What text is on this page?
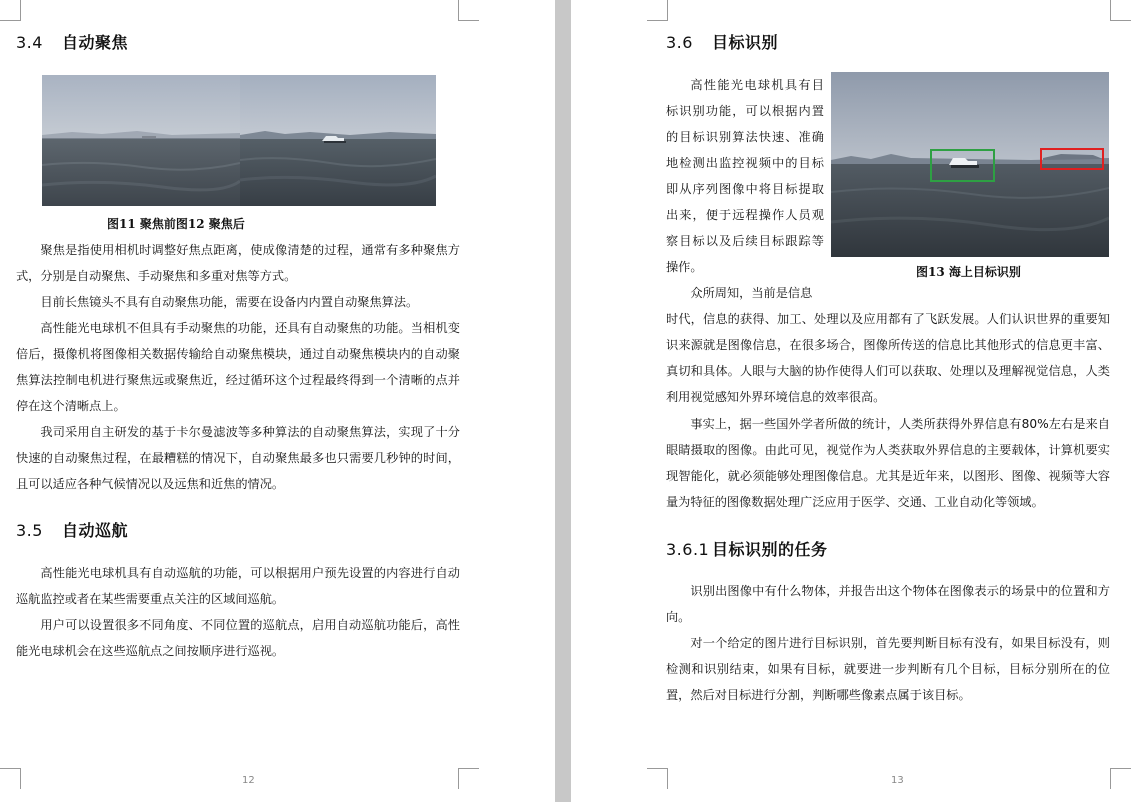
3.4 自动聚焦
图11 聚焦前图12 聚焦后

聚焦是指使用相机时调整好焦点距离，使成像清楚的过程，通常有多种聚焦方式，分别是自动聚焦、手动聚焦和多重对焦等方式。

目前长焦镜头不具有自动聚焦功能，需要在设备内内置自动聚焦算法。

高性能光电球机不但具有手动聚焦的功能，还具有自动聚焦的功能。当相机变倍后，摄像机将图像相关数据传输给自动聚焦模块，通过自动聚焦模块内的自动聚焦算法控制电机进行聚焦远或聚焦近，经过循环这个过程最终得到一个清晰的点并停在这个清晰点上。

我司采用自主研发的基于卡尔曼滤波等多种算法的自动聚焦算法，实现了十分快速的自动聚焦过程，在最糟糕的情况下，自动聚焦最多也只需要几秒钟的时间，且可以适应各种气候情况以及远焦和近焦的情况。

3.5 自动巡航

高性能光电球机具有自动巡航的功能，可以根据用户预先设置的内容进行自动巡航监控或者在某些需要重点关注的区域间巡航。

用户可以设置很多不同角度、不同位置的巡航点，启用自动巡航功能后，高性能光电球机会在这些巡航点之间按顺序进行巡视。

12
3.6 目标识别

高性能光电球机具有目标识别功能，可以根据内置的目标识别算法快速、准确地检测出监控视频中的目标即从序列图像中将目标提取出来，便于远程操作人员观察目标以及后续目标跟踪等操作。	图13 海上目标识别

众所周知，当前是信息

时代，信息的获得、加工、处理以及应用都有了飞跃发展。人们认识世界的重要知识来源就是图像信息，在很多场合，图像所传送的信息比其他形式的信息更丰富、真切和具体。人眼与大脑的协作使得人们可以获取、处理以及理解视觉信息，人类利用视觉感知外界环境信息的效率很高。

事实上，据一些国外学者所做的统计，人类所获得外界信息有80%左右是来自眼睛摄取的图像。由此可见，视觉作为人类获取外界信息的主要载体，计算机要实现智能化，就必须能够处理图像信息。尤其是近年来，以图形、图像、视频等大容量为特征的图像数据处理广泛应用于医学、交通、工业自动化等领域。

3.6.1 目标识别的任务

识别出图像中有什么物体，并报告出这个物体在图像表示的场景中的位置和方向。

对一个给定的图片进行目标识别，首先要判断目标有没有，如果目标没有，则检测和识别结束，如果有目标，就要进一步判断有几个目标，目标分别所在的位置，然后对目标进行分割，判断哪些像素点属于该目标。

13
